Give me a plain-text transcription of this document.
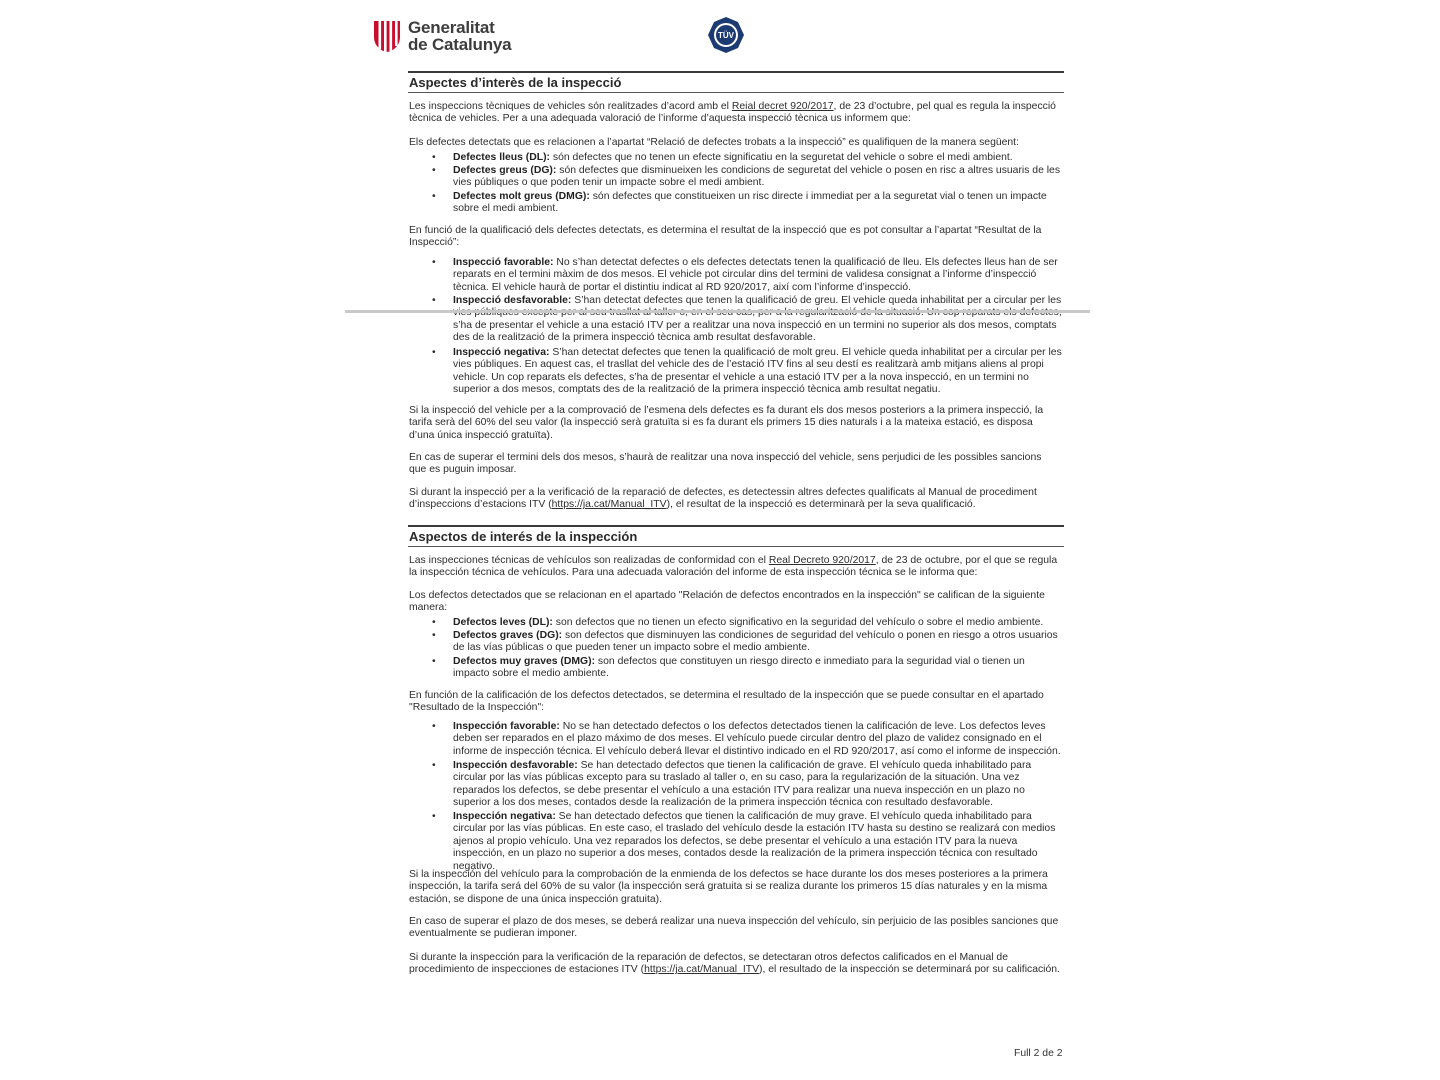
Generalitat
de Catalunya	TÜV
Aspectes d’interès de la inspecció
Les inspeccions tècniques de vehicles són realitzades d’acord amb el Reial decret 920/2017, de 23 d’octubre, pel qual es regula la inspecció tècnica de vehicles. Per a una adequada valoració de l’informe d’aquesta inspecció tècnica us informem que:
Els defectes detectats que es relacionen a l’apartat “Relació de defectes trobats a la inspecció” es qualifiquen de la manera següent:
• Defectes lleus (DL): són defectes que no tenen un efecte significatiu en la seguretat del vehicle o sobre el medi ambient.
• Defectes greus (DG): són defectes que disminueixen les condicions de seguretat del vehicle o posen en risc a altres usuaris de les vies públiques o que poden tenir un impacte sobre el medi ambient.
• Defectes molt greus (DMG): són defectes que constitueixen un risc directe i immediat per a la seguretat vial o tenen un impacte sobre el medi ambient.
En funció de la qualificació dels defectes detectats, es determina el resultat de la inspecció que es pot consultar a l’apartat “Resultat de la Inspecció”:
• Inspecció favorable: No s’han detectat defectes o els defectes detectats tenen la qualificació de lleu. Els defectes lleus han de ser reparats en el termini màxim de dos mesos. El vehicle pot circular dins del termini de validesa consignat a l’informe d’inspecció tècnica. El vehicle haurà de portar el distintiu indicat al RD 920/2017, així com l’informe d’inspecció.
• Inspecció desfavorable: S’han detectat defectes que tenen la qualificació de greu. El vehicle queda inhabilitat per a circular per les s’ha de presentar el vehicle a una estació ITV per a realitzar una nova inspecció en un termini no superior als dos mesos, comptats des de la realització de la primera inspecció tècnica amb resultat desfavorable.
• Inspecció negativa: S’han detectat defectes que tenen la qualificació de molt greu. El vehicle queda inhabilitat per a circular per les vies públiques. En aquest cas, el trasllat del vehicle des de l’estació ITV fins al seu destí es realitzarà amb mitjans aliens al propi vehicle. Un cop reparats els defectes, s’ha de presentar el vehicle a una estació ITV per a la nova inspecció, en un termini no superior a dos mesos, comptats des de la realització de la primera inspecció tècnica amb resultat negatiu.
Si la inspecció del vehicle per a la comprovació de l’esmena dels defectes es fa durant els dos mesos posteriors a la primera inspecció, la tarifa serà del 60% del seu valor (la inspecció serà gratuïta si es fa durant els primers 15 dies naturals i a la mateixa estació, es disposa d’una única inspecció gratuïta).
En cas de superar el termini dels dos mesos, s’haurà de realitzar una nova inspecció del vehicle, sens perjudici de les possibles sancions que es puguin imposar.
Si durant la inspecció per a la verificació de la reparació de defectes, es detectessin altres defectes qualificats al Manual de procediment d’inspeccions d’estacions ITV (https://ja.cat/Manual_ITV), el resultat de la inspecció es determinarà per la seva qualificació.
Aspectos de interés de la inspección
Las inspecciones técnicas de vehículos son realizadas de conformidad con el Real Decreto 920/2017, de 23 de octubre, por el que se regula la inspección técnica de vehículos. Para una adecuada valoración del informe de esta inspección técnica se le informa que:
Los defectos detectados que se relacionan en el apartado "Relación de defectos encontrados en la inspección" se califican de la siguiente manera:
• Defectos leves (DL): son defectos que no tienen un efecto significativo en la seguridad del vehículo o sobre el medio ambiente.
• Defectos graves (DG): son defectos que disminuyen las condiciones de seguridad del vehículo o ponen en riesgo a otros usuarios de las vías públicas o que pueden tener un impacto sobre el medio ambiente.
• Defectos muy graves (DMG): son defectos que constituyen un riesgo directo e inmediato para la seguridad vial o tienen un impacto sobre el medio ambiente.
En función de la calificación de los defectos detectados, se determina el resultado de la inspección que se puede consultar en el apartado "Resultado de la Inspección":
• Inspección favorable: No se han detectado defectos o los defectos detectados tienen la calificación de leve. Los defectos leves deben ser reparados en el plazo máximo de dos meses. El vehículo puede circular dentro del plazo de validez consignado en el informe de inspección técnica. El vehículo deberá llevar el distintivo indicado en el RD 920/2017, así como el informe de inspección.
• Inspección desfavorable: Se han detectado defectos que tienen la calificación de grave. El vehículo queda inhabilitado para circular por las vías públicas excepto para su traslado al taller o, en su caso, para la regularización de la situación. Una vez reparados los defectos, se debe presentar el vehículo a una estación ITV para realizar una nueva inspección en un plazo no superior a los dos meses, contados desde la realización de la primera inspección técnica con resultado desfavorable.
• Inspección negativa: Se han detectado defectos que tienen la calificación de muy grave. El vehículo queda inhabilitado para circular por las vías públicas. En este caso, el traslado del vehículo desde la estación ITV hasta su destino se realizará con medios ajenos al propio vehículo. Una vez reparados los defectos, se debe presentar el vehículo a una estación ITV para la nueva inspección, en un plazo no superior a dos meses, contados desde la realización de la primera inspección técnica con resultado negativo.
Si la inspección del vehículo para la comprobación de la enmienda de los defectos se hace durante los dos meses posteriores a la primera inspección, la tarifa será del 60% de su valor (la inspección será gratuita si se realiza durante los primeros 15 días naturales y en la misma estación, se dispone de una única inspección gratuita).
En caso de superar el plazo de dos meses, se deberá realizar una nueva inspección del vehículo, sin perjuicio de las posibles sanciones que eventualmente se pudieran imponer.
Si durante la inspección para la verificación de la reparación de defectos, se detectaran otros defectos calificados en el Manual de procedimiento de inspecciones de estaciones ITV (https://ja.cat/Manual_ITV), el resultado de la inspección se determinará por su calificación.
Full 2 de 2
